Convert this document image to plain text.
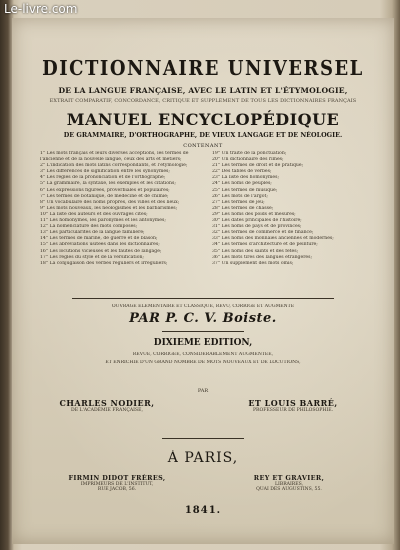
DICTIONNAIRE UNIVERSEL
DE LA LANGUE FRANÇAISE, AVEC LE LATIN ET L'ÉTYMOLOGIE,
EXTRAIT COMPARATIF, CONCORDANCE, CRITIQUE ET SUPPLÉMENT DE TOUS LES DICTIONNAIRES FRANÇAIS
MANUEL ENCYCLOPÉDIQUE
DE GRAMMAIRE, D'ORTHOGRAPHE, DE VIEUX LANGAGE ET DE NÉOLOGIE.
CONTENANT
1° Les mots français et leurs diverses acceptions, les termes de
l'ancienne et de la nouvelle langue, ceux des arts et métiers;
2° L'indication des mots latins correspondants, et l'étymologie;
3° Les différences de signification entre les synonymes;
4° Les regles de la prononciation et de l'orthographe;
5° La grammaire, la syntaxe, les exemples et les citations;
6° Les expressions figurées, proverbiales et populaires;
7° Les termes de botanique, de médecine et de chimie;
8° Un vocabulaire des noms propres, des villes et des lieux;
9° Les mots nouveaux, les néologismes et les barbarismes;
10° La liste des auteurs et des ouvrages cités;
11° Les homonymes, les paronymes et les antonymes;
12° La nomenclature des mots composés;
13° Les particularités de la langue familière;
14° Les termes de marine, de guerre et de blason;
15° Les abréviations usitées dans les dictionnaires;
16° Les locutions vicieuses et les fautes de langage;
17° Les regles du style et de la versification;
18° La conjugaison des verbes réguliers et irréguliers;
19° Un traité de la ponctuation;
20° Un dictionnaire des rimes;
21° Les termes de droit et de pratique;
22° Des tables de verbes;
23° La liste des homonymes;
24° Les noms de peuples;
25° Les termes de musique;
26° Les mots de l'argot;
27° Les termes de jeu;
28° Les termes de chasse;
29° Les noms des poids et mesures;
30° Les dates principales de l'histoire;
31° Les noms de pays et de provinces;
32° Les termes de commerce et de finance;
33° Les noms des monnaies anciennes et modernes;
34° Les termes d'architecture et de peinture;
35° Les noms des saints et des fêtes;
36° Les mots tirés des langues étrangères;
37° Un supplément des mots omis;
OUVRAGE ÉLÉMENTAIRE ET CLASSIQUE, REVU, CORRIGÉ ET AUGMENTÉ
PAR P. C. V. Boiste.
DIXIÈME ÉDITION,
REVUE, CORRIGÉE, CONSIDÉRABLEMENT AUGMENTÉE,
ET ENRICHIE D'UN GRAND NOMBRE DE MOTS NOUVEAUX ET DE LOCUTIONS,
PAR
CHARLES NODIER,
DE L'ACADÉMIE FRANÇAISE,
ET LOUIS BARRÉ,
PROFESSEUR DE PHILOSOPHIE.
À PARIS,
FIRMIN DIDOT FRÈRES,
IMPRIMEURS DE L'INSTITUT,
RUE JACOB, 56.
REY ET GRAVIER,
LIBRAIRES,
QUAI DES AUGUSTINS, 55.
1841.
Le-livre.com
